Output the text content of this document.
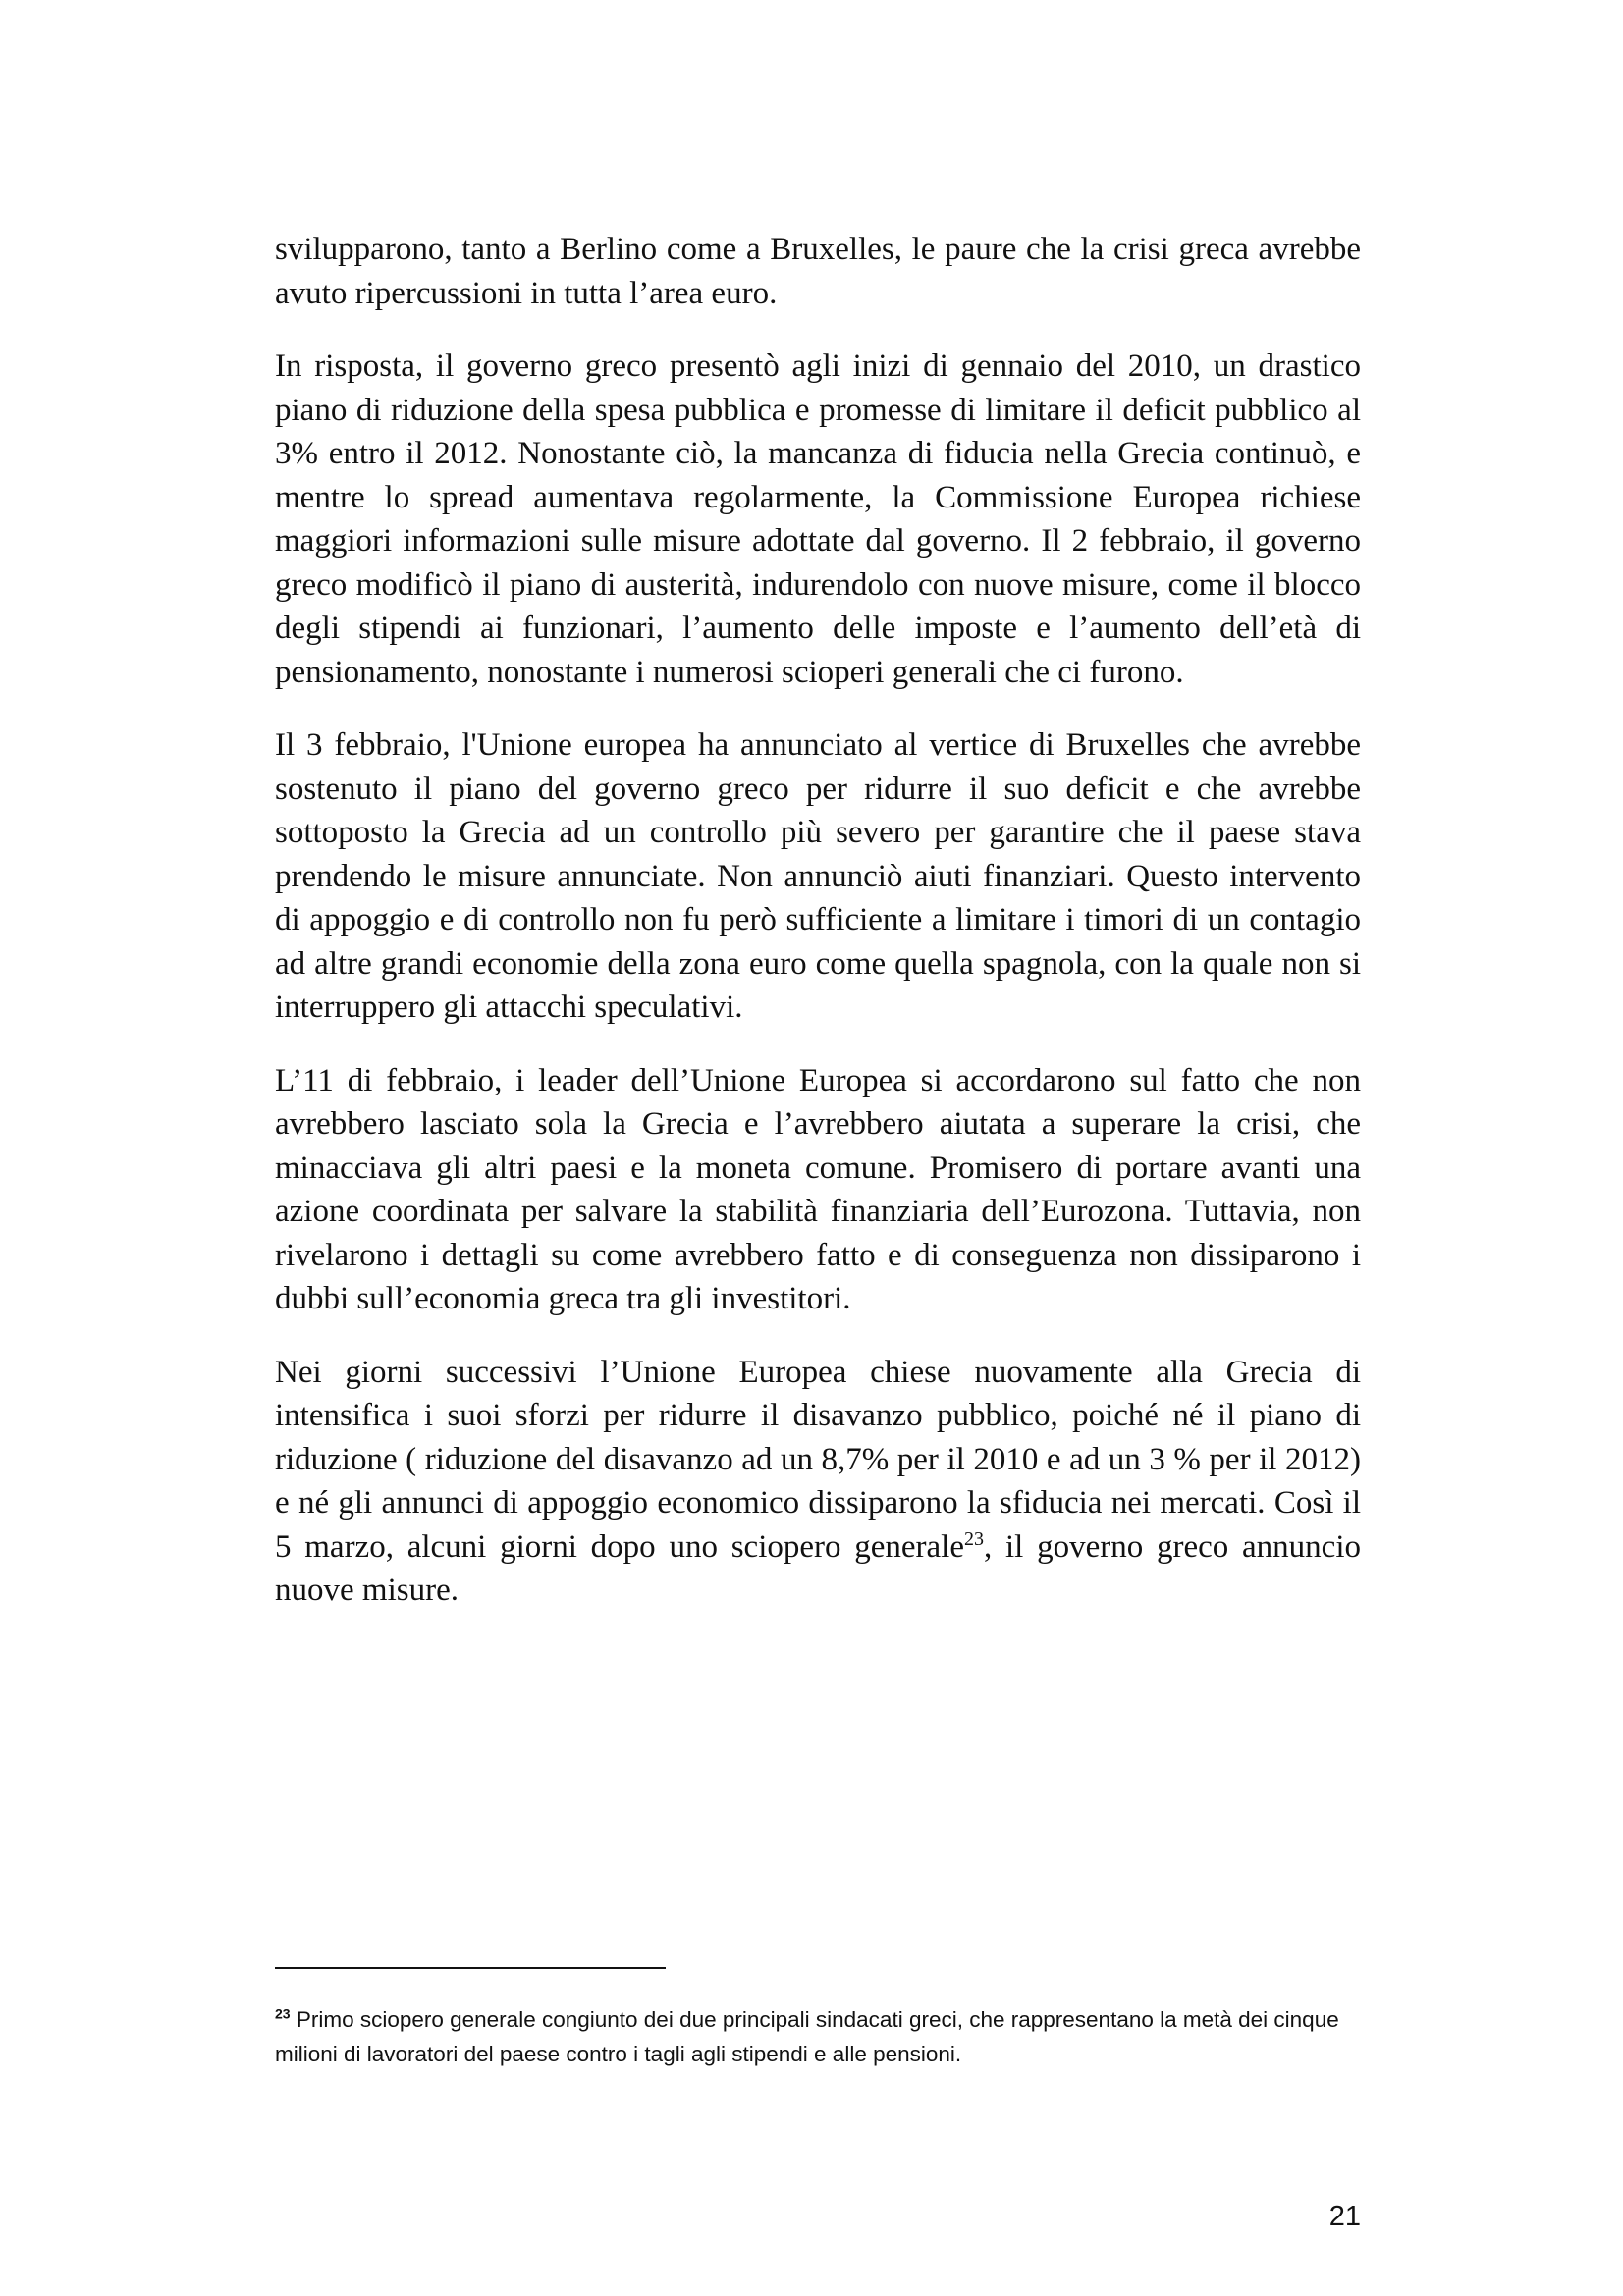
svilupparono, tanto a Berlino come a Bruxelles, le paure che la crisi greca avrebbe avuto ripercussioni in tutta l’area euro.

In risposta, il governo greco presentò agli inizi di gennaio del 2010, un drastico piano di riduzione della spesa pubblica e promesse di limitare il deficit pubblico al 3% entro il 2012. Nonostante ciò, la mancanza di fiducia nella Grecia continuò, e mentre lo spread aumentava regolarmente, la Commissione Europea richiese maggiori informazioni sulle misure adottate dal governo. Il 2 febbraio, il governo greco modificò il piano di austerità, indurendolo con nuove misure, come il blocco degli stipendi ai funzionari, l’aumento delle imposte e l’aumento dell’età di pensionamento, nonostante i numerosi scioperi generali che ci furono.

Il 3 febbraio, l'Unione europea ha annunciato al vertice di Bruxelles che avrebbe sostenuto il piano del governo greco per ridurre il suo deficit e che avrebbe sottoposto la Grecia ad un controllo più severo per garantire che il paese stava prendendo le misure annunciate. Non annunciò aiuti finanziari. Questo intervento di appoggio e di controllo non fu però sufficiente a limitare i timori di un contagio ad altre grandi economie della zona euro come quella spagnola, con la quale non si interruppero gli attacchi speculativi.

L’11 di febbraio, i leader dell’Unione Europea si accordarono sul fatto che non avrebbero lasciato sola la Grecia e l’avrebbero aiutata a superare la crisi, che minacciava gli altri paesi e la moneta comune. Promisero di portare avanti una azione coordinata per salvare la stabilità finanziaria dell’Eurozona. Tuttavia, non rivelarono i dettagli su come avrebbero fatto e di conseguenza non dissiparono i dubbi sull’economia greca tra gli investitori.

Nei giorni successivi l’Unione Europea chiese nuovamente alla Grecia di intensifica i suoi sforzi per ridurre il disavanzo pubblico, poiché né il piano di riduzione ( riduzione del disavanzo ad un 8,7% per il 2010 e ad un 3 % per il 2012) e né gli annunci di appoggio economico dissiparono la sfiducia nei mercati. Così il 5 marzo, alcuni giorni dopo uno sciopero generale$^{23}$, il governo greco annuncio nuove misure.

$^{23}$ Primo sciopero generale congiunto dei due principali sindacati greci, che rappresentano la metà dei cinque milioni di lavoratori del paese contro i tagli agli stipendi e alle pensioni.

21
